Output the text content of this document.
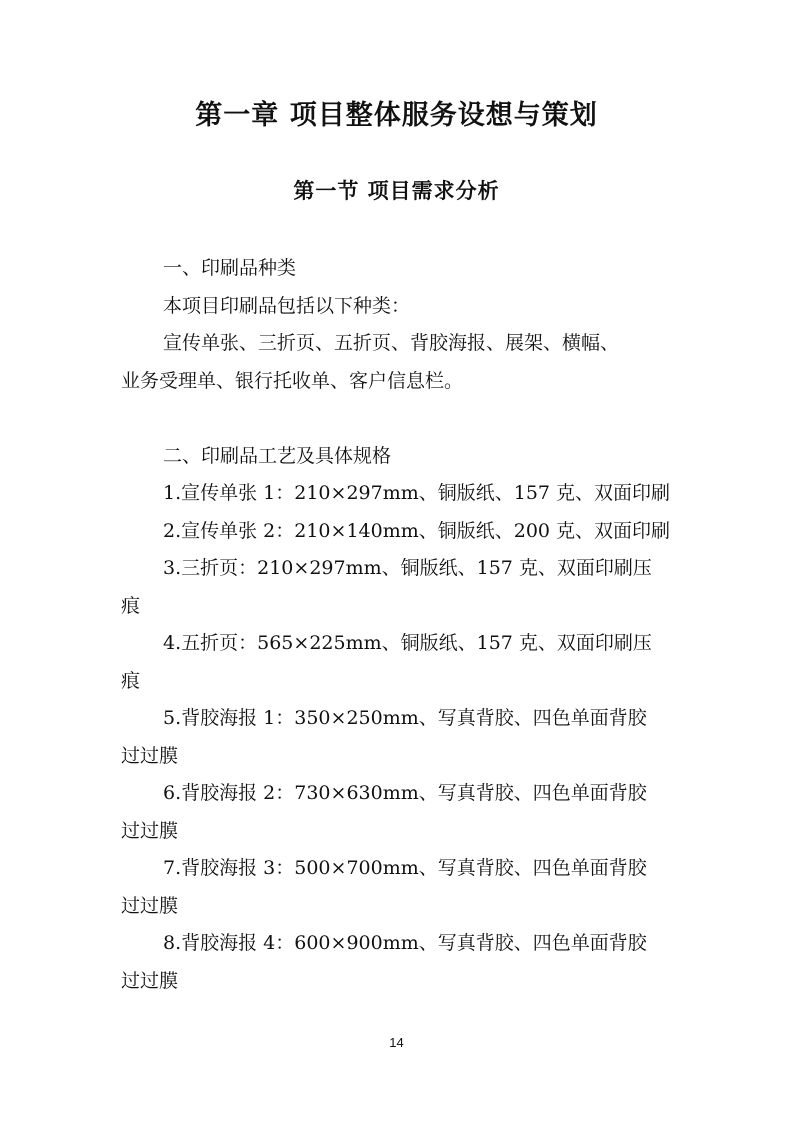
第一章 项目整体服务设想与策划
第一节 项目需求分析
一、印刷品种类
本项目印刷品包括以下种类：
宣传单张、三折页、五折页、背胶海报、展架、横幅、
业务受理单、银行托收单、客户信息栏。
二、印刷品工艺及具体规格
1.宣传单张 1：210×297mm、铜版纸、157 克、双面印刷
2.宣传单张 2：210×140mm、铜版纸、200 克、双面印刷
3.三折页：210×297mm、铜版纸、157 克、双面印刷压
痕
4.五折页：565×225mm、铜版纸、157 克、双面印刷压
痕
5.背胶海报 1：350×250mm、写真背胶、四色单面背胶
过过膜
6.背胶海报 2：730×630mm、写真背胶、四色单面背胶
过过膜
7.背胶海报 3：500×700mm、写真背胶、四色单面背胶
过过膜
8.背胶海报 4：600×900mm、写真背胶、四色单面背胶
过过膜
14
